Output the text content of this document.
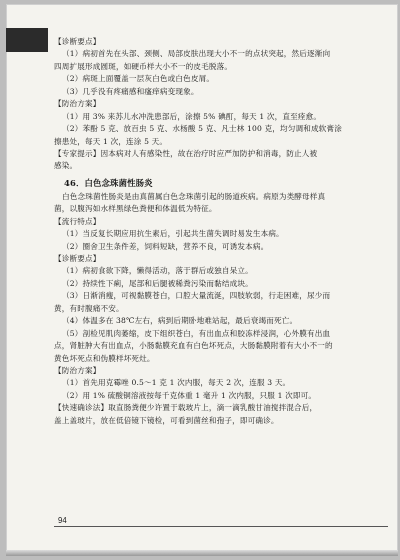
【诊断要点】
（1）病初首先在头部、颈侧、局部皮肤出现大小不一的点状突起，然后逐渐向
四周扩展形成圆斑，如硬币样大小不一的皮毛脱落。
（2）病斑上面覆盖一层灰白色或白色皮屑。
（3）几乎没有疼痛感和瘙痒病变现象。
【防治方案】
（1）用 3% 来苏儿水冲洗患部后，涂擦 5% 碘酊，每天 1 次，直至痊愈。
（2）苯酚 5 克、放百虫 5 克、水杨酸 5 克、凡士林 100 克，均匀调和成软膏涂
擦患处，每天 1 次，连涂 5 天。
【专家提示】因本病对人有感染性，故在治疗时应严加防护和消毒，防止人被
感染。
46．白色念珠菌性肠炎
白色念珠菌性肠炎是由真菌属白色念珠菌引起的肠道疾病。病原为类酵母样真
菌，以腹泻如水样黑绿色粪便和体温低为特征。
【流行特点】
（1）当反复长期应用抗生素后，引起共生菌失调时易发生本病。
（2）圈舍卫生条件差，饲料短缺，营养不良，可诱发本病。
【诊断要点】
（1）病初食欲下降，懒得活动，落于群后或独自呆立。
（2）持续性下痢，尾部和后腿被稀粪污染而黏结成块。
（3）日渐消瘦，可视黏膜苍白，口腔大量流涎，四肢软弱，行走困难，尿少而
黄，有时腹痛不安。
（4）体温多在 38℃左右，病到后期卧地难站起，最后衰竭而死亡。
（5）剖检见肌肉萎缩，皮下组织苍白，有出血点和胶冻样浸润，心外膜有出血
点，肾脏肿大有出血点，小肠黏膜充血有白色坏死点，大肠黏膜附着有大小不一的
黄色坏死点和伪膜样坏死灶。
【防治方案】
（1）首先用克霉唑 0.5～1 克 1 次内服，每天 2 次，连服 3 天。
（2）用 1% 硫酸铜溶液按每千克体重 1 毫升 1 次内服，只服 1 次即可。
【快速确诊法】取直肠粪便少许置于载玻片上，滴一滴乳酸甘油搅拌混合后，
盖上盖玻片，放在低倍镜下镜检，可看到菌丝和孢子，即可确诊。
94
